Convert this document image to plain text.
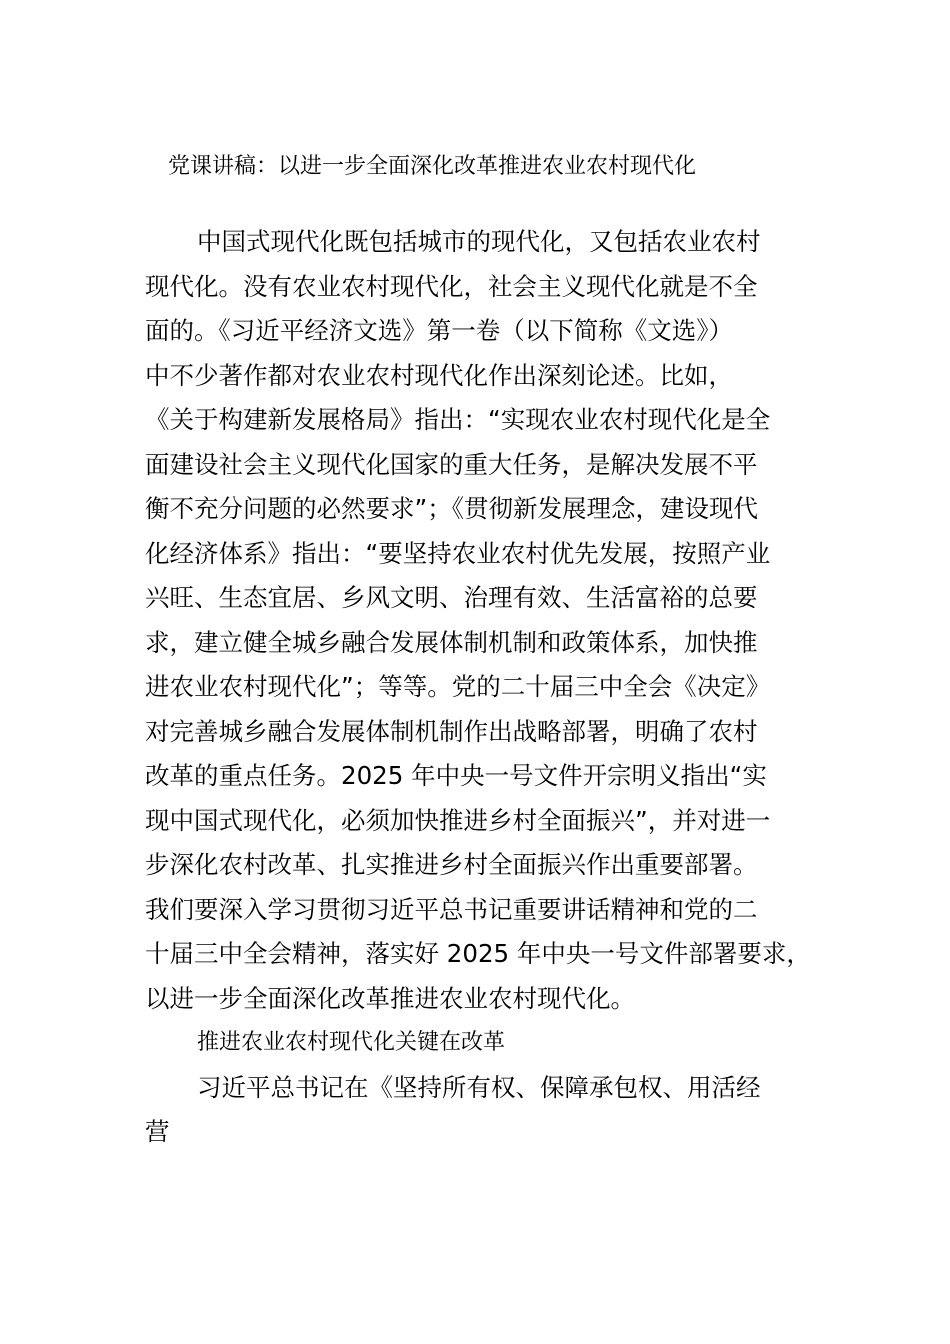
党课讲稿：以进一步全面深化改革推进农业农村现代化
中国式现代化既包括城市的现代化，又包括农业农村
现代化。没有农业农村现代化，社会主义现代化就是不全
面的。《习近平经济文选》第一卷（以下简称《文选》）
中不少著作都对农业农村现代化作出深刻论述。比如，
《关于构建新发展格局》指出：“实现农业农村现代化是全
面建设社会主义现代化国家的重大任务，是解决发展不平
衡不充分问题的必然要求”；《贯彻新发展理念，建设现代
化经济体系》指出：“要坚持农业农村优先发展，按照产业
兴旺、生态宜居、乡风文明、治理有效、生活富裕的总要
求，建立健全城乡融合发展体制机制和政策体系，加快推
进农业农村现代化”；等等。党的二十届三中全会《决定》
对完善城乡融合发展体制机制作出战略部署，明确了农村
改革的重点任务。2025 年中央一号文件开宗明义指出“实
现中国式现代化，必须加快推进乡村全面振兴”，并对进一
步深化农村改革、扎实推进乡村全面振兴作出重要部署。
我们要深入学习贯彻习近平总书记重要讲话精神和党的二
十届三中全会精神，落实好 2025 年中央一号文件部署要求，
以进一步全面深化改革推进农业农村现代化。
推进农业农村现代化关键在改革
习近平总书记在《坚持所有权、保障承包权、用活经
营
